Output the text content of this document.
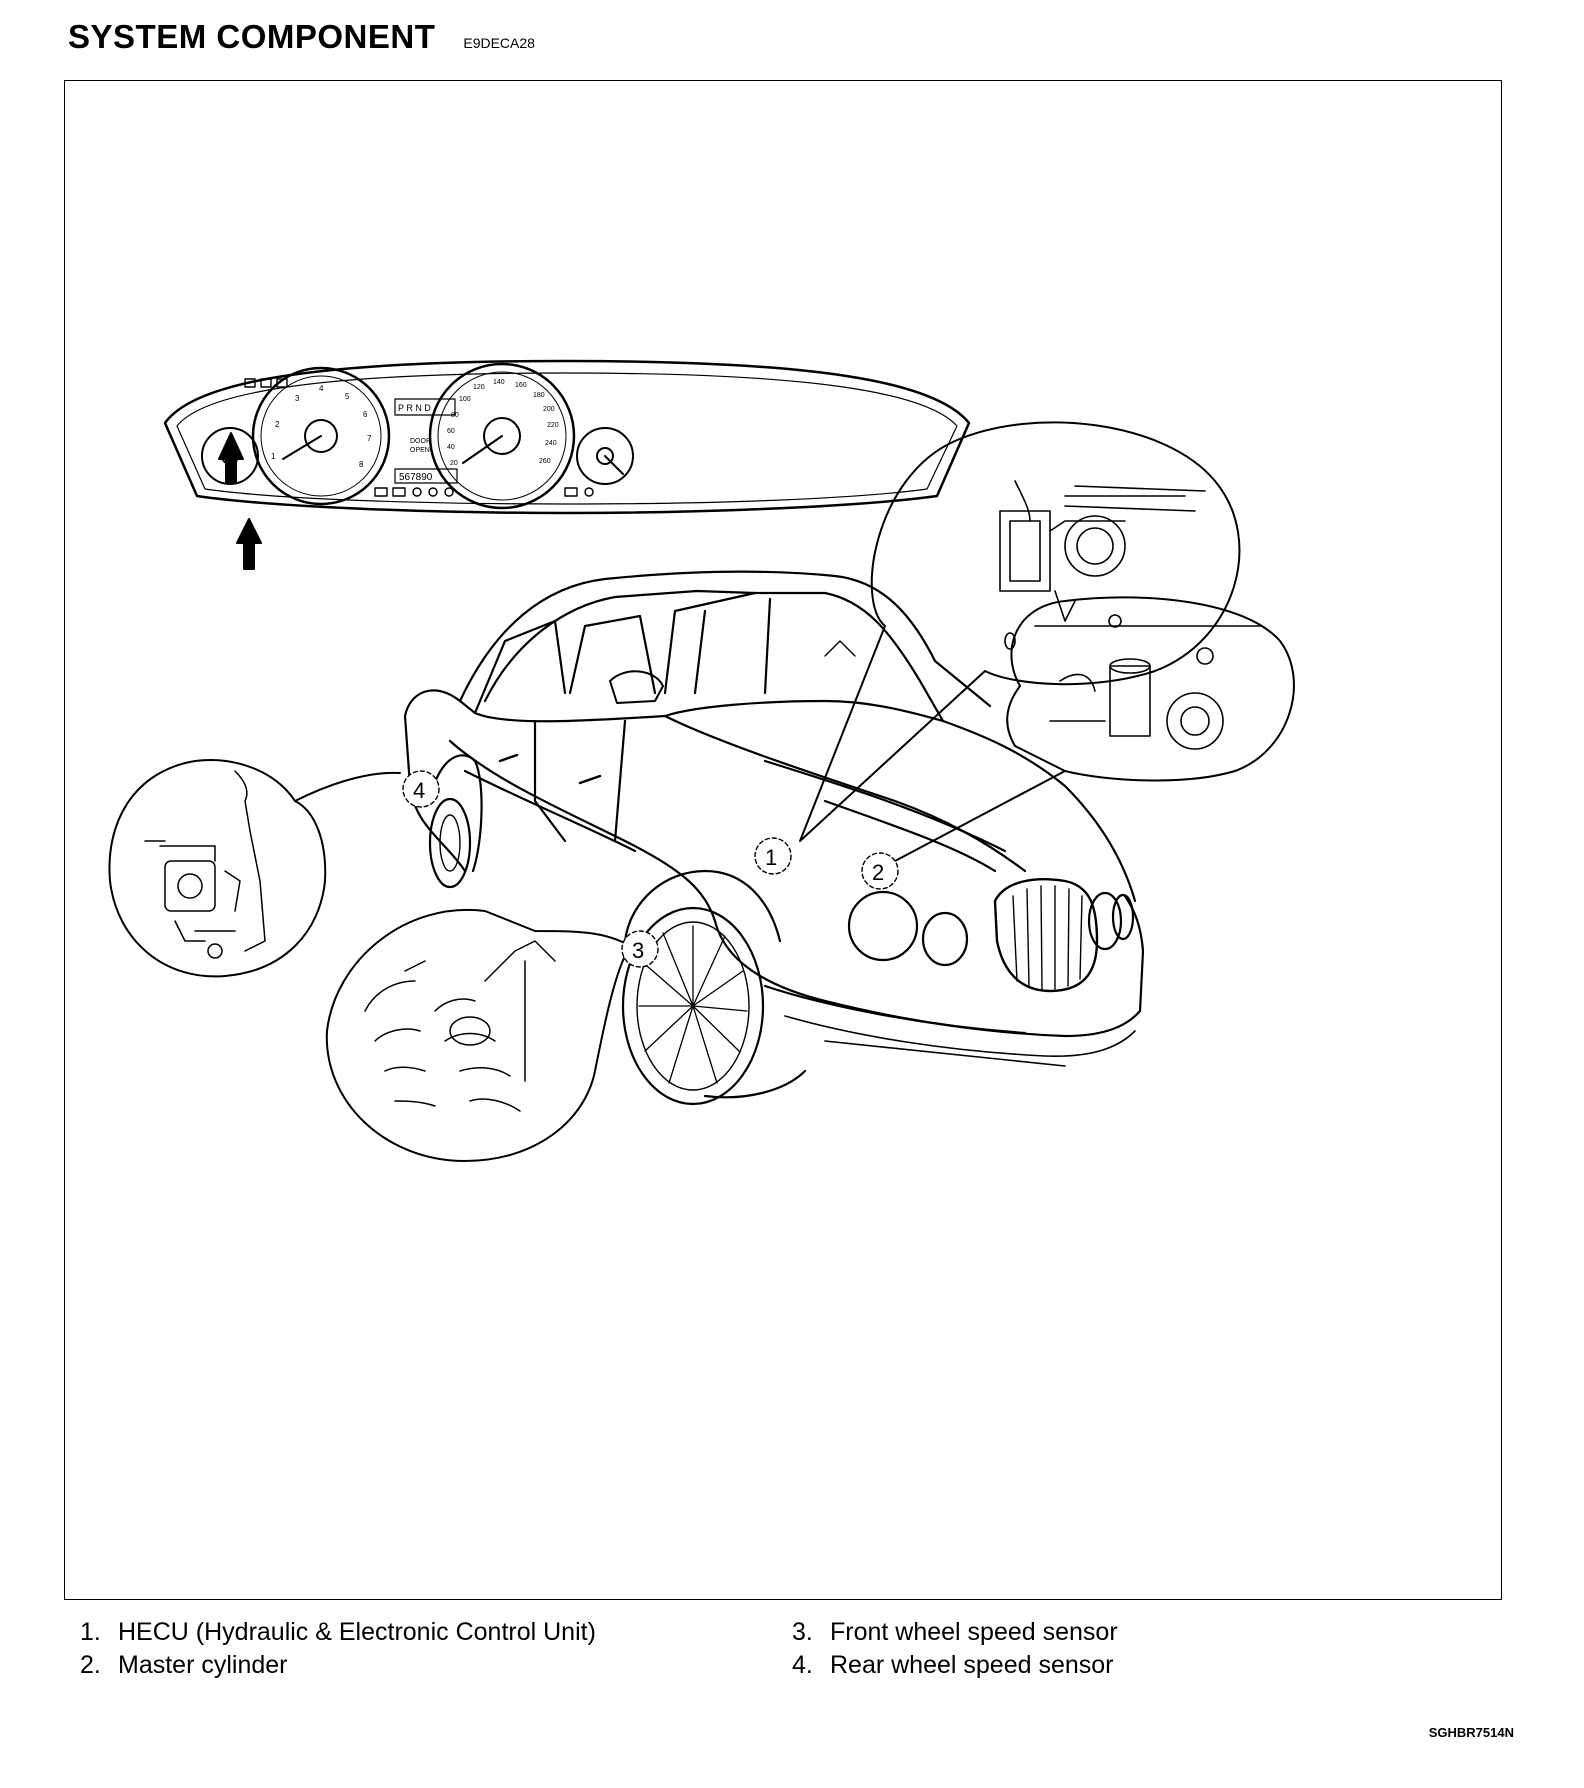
SYSTEM COMPONENT E9DECA28
1
2
3
4
5
6
7
8
P R N D
DOOR
OPEN
567890
20
40
60
80
100
120
140 160
180
200
220
240
260
1
2
3
4
1. HECU (Hydraulic & Electronic Control Unit)
2. Master cylinder
3. Front wheel speed sensor
4. Rear wheel speed sensor
SGHBR7514N
